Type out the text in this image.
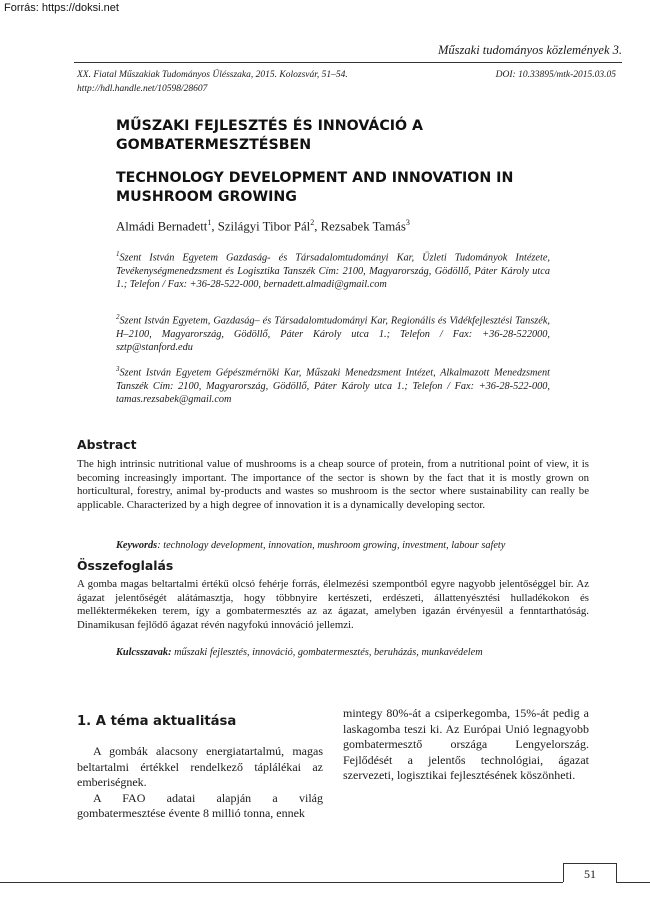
Forrás: https://doksi.net
Műszaki tudományos közlemények 3.
XX. Fiatal Műszakiak Tudományos Ülésszaka, 2015. Kolozsvár, 51–54.	DOI: 10.33895/mtk-2015.03.05
http://hdl.handle.net/10598/28607
MŰSZAKI FEJLESZTÉS ÉS INNOVÁCIÓ A
GOMBATERMESZTÉSBEN
TECHNOLOGY DEVELOPMENT AND INNOVATION IN
MUSHROOM GROWING
Almádi Bernadett$^1$, Szilágyi Tibor Pál$^2$, Rezsabek Tamás$^3$
$^1$Szent István Egyetem Gazdaság- és Társadalomtudományi Kar, Üzleti Tudományok Intézete, Tevékenységmenedzsment és Logisztika Tanszék Cím: 2100, Magyarország, Gödöllő, Páter Károly utca 1.; Telefon / Fax: +36-28-522-000, bernadett.almadi@gmail.com
$^2$Szent István Egyetem, Gazdaság– és Társadalomtudományi Kar, Regionális és Vidékfejlesztési Tanszék, H–2100, Magyarország, Gödöllő, Páter Károly utca 1.; Telefon / Fax: +36-28-522000, sztp@stanford.edu
$^3$Szent István Egyetem Gépészmérnöki Kar, Műszaki Menedzsment Intézet, Alkalmazott Menedzsment Tanszék Cím: 2100, Magyarország, Gödöllő, Páter Károly utca 1.; Telefon / Fax: +36-28-522-000, tamas.rezsabek@gmail.com
Abstract
The high intrinsic nutritional value of mushrooms is a cheap source of protein, from a nutritional point of view, it is becoming increasingly important. The importance of the sector is shown by the fact that it is mostly grown on horticultural, forestry, animal by-products and wastes so mushroom is the sector where sustainability can really be applicable. Characterized by a high degree of innovation it is a dynamically developing sector.
Keywords: technology development, innovation, mushroom growing, investment, labour safety
Összefoglalás
A gomba magas beltartalmi értékű olcsó fehérje forrás, élelmezési szempontból egyre nagyobb jelentőséggel bír. Az ágazat jelentőségét alátámasztja, hogy többnyire kertészeti, erdészeti, állattenyésztési hulladékokon és melléktermékeken terem, így a gombatermesztés az az ágazat, amelyben igazán érvényesül a fenntarthatóság. Dinamikusan fejlődő ágazat révén nagyfokú innováció jellemzi.
Kulcsszavak: műszaki fejlesztés, innováció, gombatermesztés, beruházás, munkavédelem
1. A téma aktualitása

A gombák alacsony energiatartalmú, magas beltartalmi értékkel rendelkező táplálékai az emberiségnek.

A FAO adatai alapján a világ gombatermesztése évente 8 millió tonna, ennek

mintegy 80%-át a csiperkegomba, 15%-át pedig a laskagomba teszi ki. Az Európai Unió legnagyobb gombatermesztő országa Lengyelország. Fejlődését a jelentős technológiai, ágazat szervezeti, logisztikai fejlesztésének köszönheti.

51
